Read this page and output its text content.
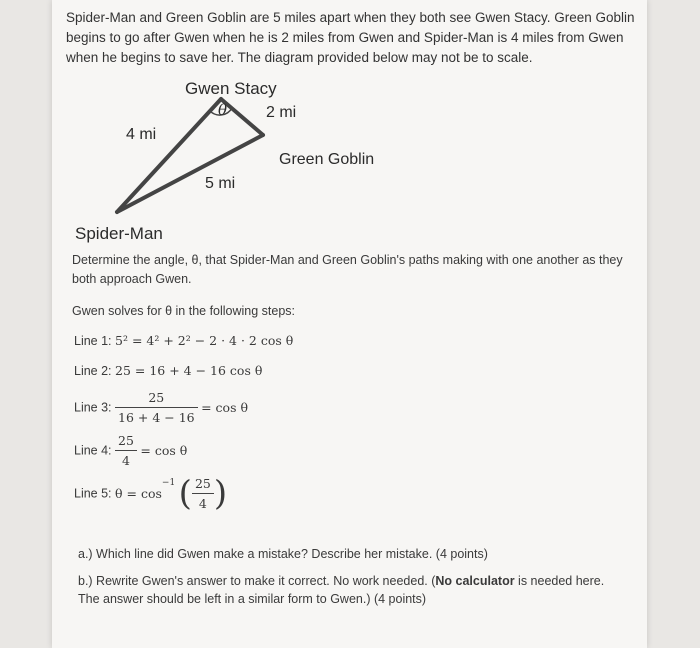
Spider-Man and Green Goblin are 5 miles apart when they both see Gwen Stacy. Green Goblin begins to go after Gwen when he is 2 miles from Gwen and Spider-Man is 4 miles from Gwen when he begins to save her. The diagram provided below may not be to scale.
Gwen Stacy
θ 2 mi
4 mi
Green Goblin
5 mi
Spider-Man
Determine the angle, θ, that Spider-Man and Green Goblin's paths making with one another as they both approach Gwen.
Gwen solves for θ in the following steps:
Line 1: 5² = 4² + 2² − 2 · 4 · 2 cos θ
Line 2: 25 = 16 + 4 − 16 cos θ
Line 3: $\frac{25}{16 + 4 - 16} = \cos \theta$
Line 4: $\frac{25}{4} = \cos \theta$
Line 5: $\theta = \cos^{-1}$ ( $\frac{25}{4}$ )
a.) Which line did Gwen make a mistake? Describe her mistake. (4 points)
b.) Rewrite Gwen's answer to make it correct. No work needed. (No calculator is needed here. The answer should be left in a similar form to Gwen.) (4 points)
